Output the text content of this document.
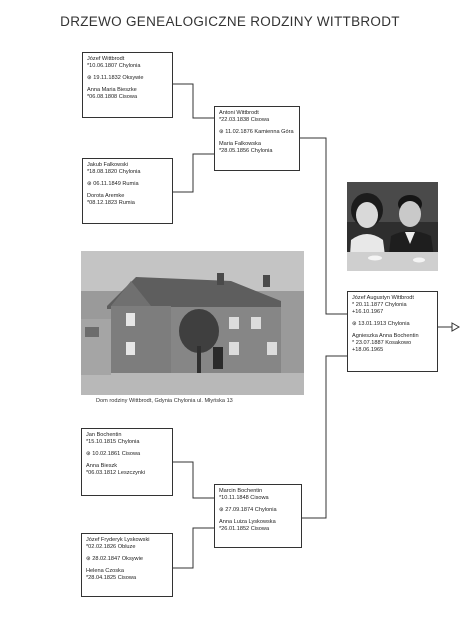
DRZEWO GENEALOGICZNE RODZINY WITTBRODT
Józef Wittbrodt
*10.06.1807 Chylonia
⊛ 19.11.1832 Oksywie
Anna Maria Bieszke
*06.08.1808 Cisowa
Jakub Falkowski
*18.08.1820 Chylonia
⊛ 06.11.1849 Rumia
Dorota Aremke
*08.12.1823 Rumia
Antoni Wittbrodt
*22.03.1838 Cisowa
⊛ 11.02.1876 Kamienna Góra
Maria Falkowska
*28.05.1856 Chylonia
Dom rodziny Wittbrodt, Gdynia Chylonia ul. Młyńska 13
Józef Augustyn Wittbrodt
* 20.11.1877 Chylonia
+16.10.1967
⊛ 13.01.1913 Chylonia
Agnieszka Anna Bochentin
* 23.07.1887 Kosakowo
+18.06.1965
Jan Bochentin
*15.10.1815 Chylonia
⊛ 10.02.1861 Cisowa
Anna Bieszk
*06.03.1812 Leszczynki
Marcin Bochentin
*10.11.1848 Cisowa
⊛ 27.09.1874 Chylonia
Anna Luiza Lyskowska
*26.01.1852 Cisowa
Józef Fryderyk Lyskowski
*02.02.1826 Obluze
⊛ 28.02.1847 Oksywie
Helena Czoska
*28.04.1825 Cisowa
